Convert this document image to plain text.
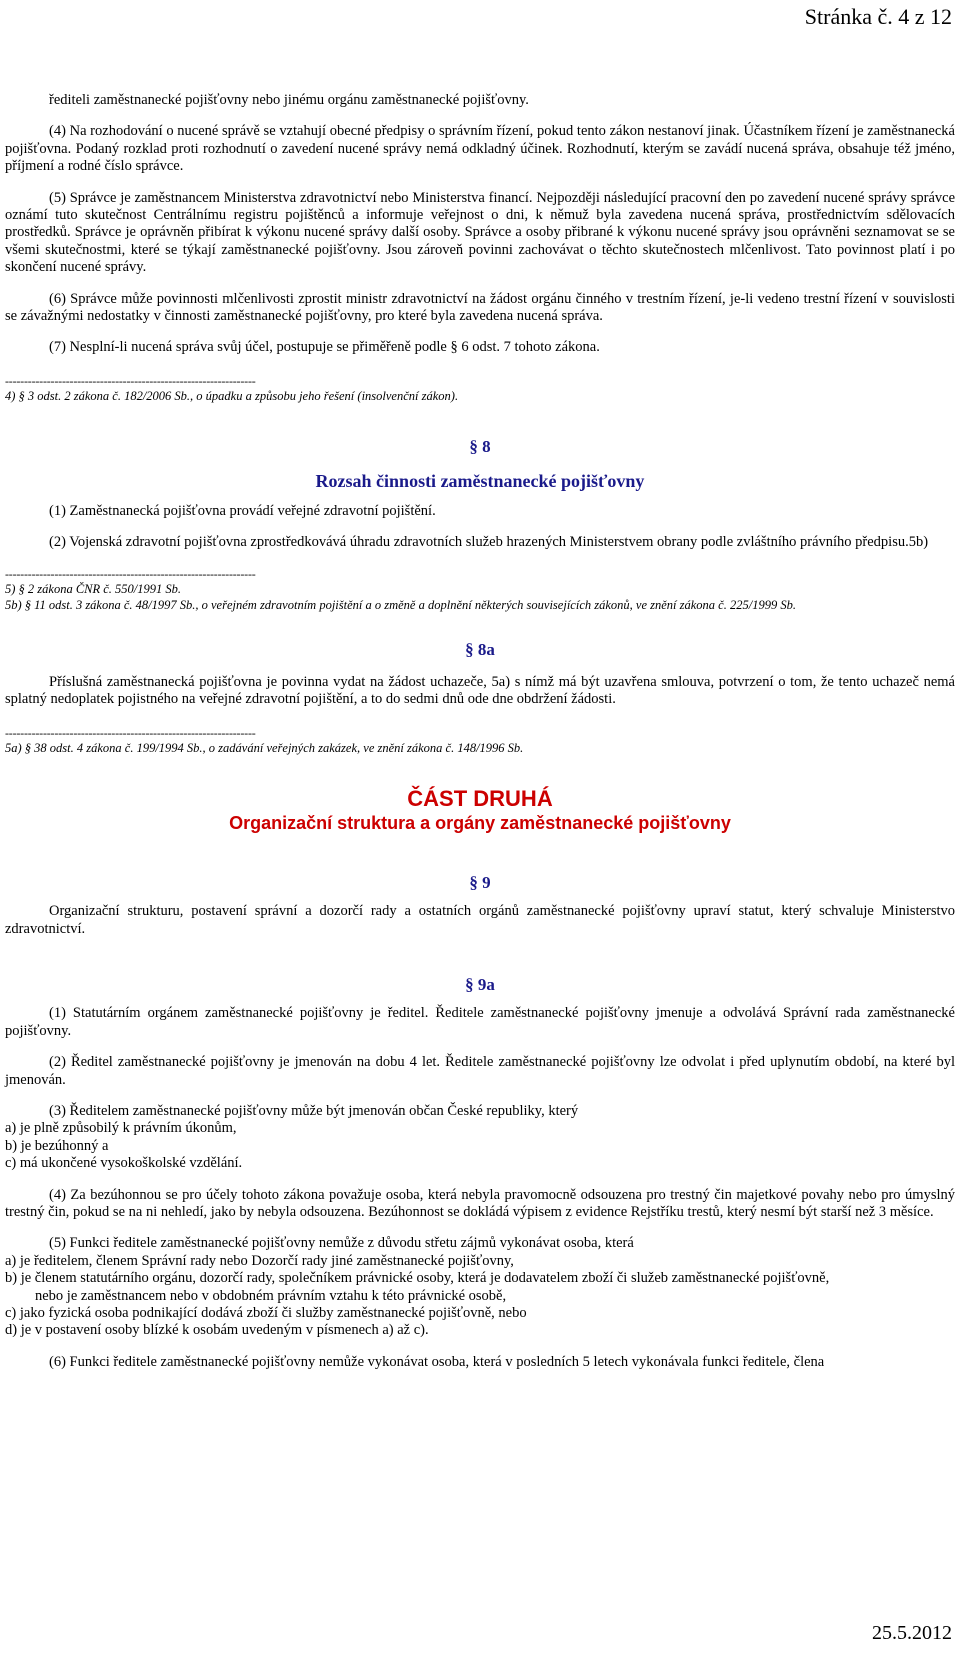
Stránka č. 4 z 12

řediteli zaměstnanecké pojišťovny nebo jinému orgánu zaměstnanecké pojišťovny.

(4) Na rozhodování o nucené správě se vztahují obecné předpisy o správním řízení, pokud tento zákon nestanoví jinak. Účastníkem řízení je zaměstnanecká pojišťovna. Podaný rozklad proti rozhodnutí o zavedení nucené správy nemá odkladný účinek. Rozhodnutí, kterým se zavádí nucená správa, obsahuje též jméno, příjmení a rodné číslo správce.

(5) Správce je zaměstnancem Ministerstva zdravotnictví nebo Ministerstva financí. Nejpozději následující pracovní den po zavedení nucené správy správce oznámí tuto skutečnost Centrálnímu registru pojištěnců a informuje veřejnost o dni, k němuž byla zavedena nucená správa, prostřednictvím sdělovacích prostředků. Správce je oprávněn přibírat k výkonu nucené správy další osoby. Správce a osoby přibrané k výkonu nucené správy jsou oprávněni seznamovat se se všemi skutečnostmi, které se týkají zaměstnanecké pojišťovny. Jsou zároveň povinni zachovávat o těchto skutečnostech mlčenlivost. Tato povinnost platí i po skončení nucené správy.

(6) Správce může povinnosti mlčenlivosti zprostit ministr zdravotnictví na žádost orgánu činného v trestním řízení, je-li vedeno trestní řízení v souvislosti se závažnými nedostatky v činnosti zaměstnanecké pojišťovny, pro které byla zavedena nucená správa.

(7) Nesplní-li nucená správa svůj účel, postupuje se přiměřeně podle § 6 odst. 7 tohoto zákona.

------------------------------------------------------------------

4) § 3 odst. 2 zákona č. 182/2006 Sb., o úpadku a způsobu jeho řešení (insolvenční zákon).

§ 8

Rozsah činnosti zaměstnanecké pojišťovny

(1) Zaměstnanecká pojišťovna provádí veřejné zdravotní pojištění.

(2) Vojenská zdravotní pojišťovna zprostředkovává úhradu zdravotních služeb hrazených Ministerstvem obrany podle zvláštního právního předpisu.5b)

------------------------------------------------------------------

5) § 2 zákona ČNR č. 550/1991 Sb.

5b) § 11 odst. 3 zákona č. 48/1997 Sb., o veřejném zdravotním pojištění a o změně a doplnění některých souvisejících zákonů, ve znění zákona č. 225/1999 Sb.

§ 8a

Příslušná zaměstnanecká pojišťovna je povinna vydat na žádost uchazeče, 5a) s nímž má být uzavřena smlouva, potvrzení o tom, že tento uchazeč nemá splatný nedoplatek pojistného na veřejné zdravotní pojištění, a to do sedmi dnů ode dne obdržení žádosti.

------------------------------------------------------------------

5a) § 38 odst. 4 zákona č. 199/1994 Sb., o zadávání veřejných zakázek, ve znění zákona č. 148/1996 Sb.

ČÁST DRUHÁ

Organizační struktura a orgány zaměstnanecké pojišťovny

§ 9

Organizační strukturu, postavení správní a dozorčí rady a ostatních orgánů zaměstnanecké pojišťovny upraví statut, který schvaluje Ministerstvo zdravotnictví.

§ 9a

(1) Statutárním orgánem zaměstnanecké pojišťovny je ředitel. Ředitele zaměstnanecké pojišťovny jmenuje a odvolává Správní rada zaměstnanecké pojišťovny.

(2) Ředitel zaměstnanecké pojišťovny je jmenován na dobu 4 let. Ředitele zaměstnanecké pojišťovny lze odvolat i před uplynutím období, na které byl jmenován.

(3) Ředitelem zaměstnanecké pojišťovny může být jmenován občan České republiky, který

a) je plně způsobilý k právním úkonům,
b) je bezúhonný a
c) má ukončené vysokoškolské vzdělání.

(4) Za bezúhonnou se pro účely tohoto zákona považuje osoba, která nebyla pravomocně odsouzena pro trestný čin majetkové povahy nebo pro úmyslný trestný čin, pokud se na ni nehledí, jako by nebyla odsouzena. Bezúhonnost se dokládá výpisem z evidence Rejstříku trestů, který nesmí být starší než 3 měsíce.

(5) Funkci ředitele zaměstnanecké pojišťovny nemůže z důvodu střetu zájmů vykonávat osoba, která

a) je ředitelem, členem Správní rady nebo Dozorčí rady jiné zaměstnanecké pojišťovny,
b) je členem statutárního orgánu, dozorčí rady, společníkem právnické osoby, která je dodavatelem zboží či služeb zaměstnanecké pojišťovně,
nebo je zaměstnancem nebo v obdobném právním vztahu k této právnické osobě,
c) jako fyzická osoba podnikající dodává zboží či služby zaměstnanecké pojišťovně, nebo
d) je v postavení osoby blízké k osobám uvedeným v písmenech a) až c).

(6) Funkci ředitele zaměstnanecké pojišťovny nemůže vykonávat osoba, která v posledních 5 letech vykonávala funkci ředitele, člena

25.5.2012
